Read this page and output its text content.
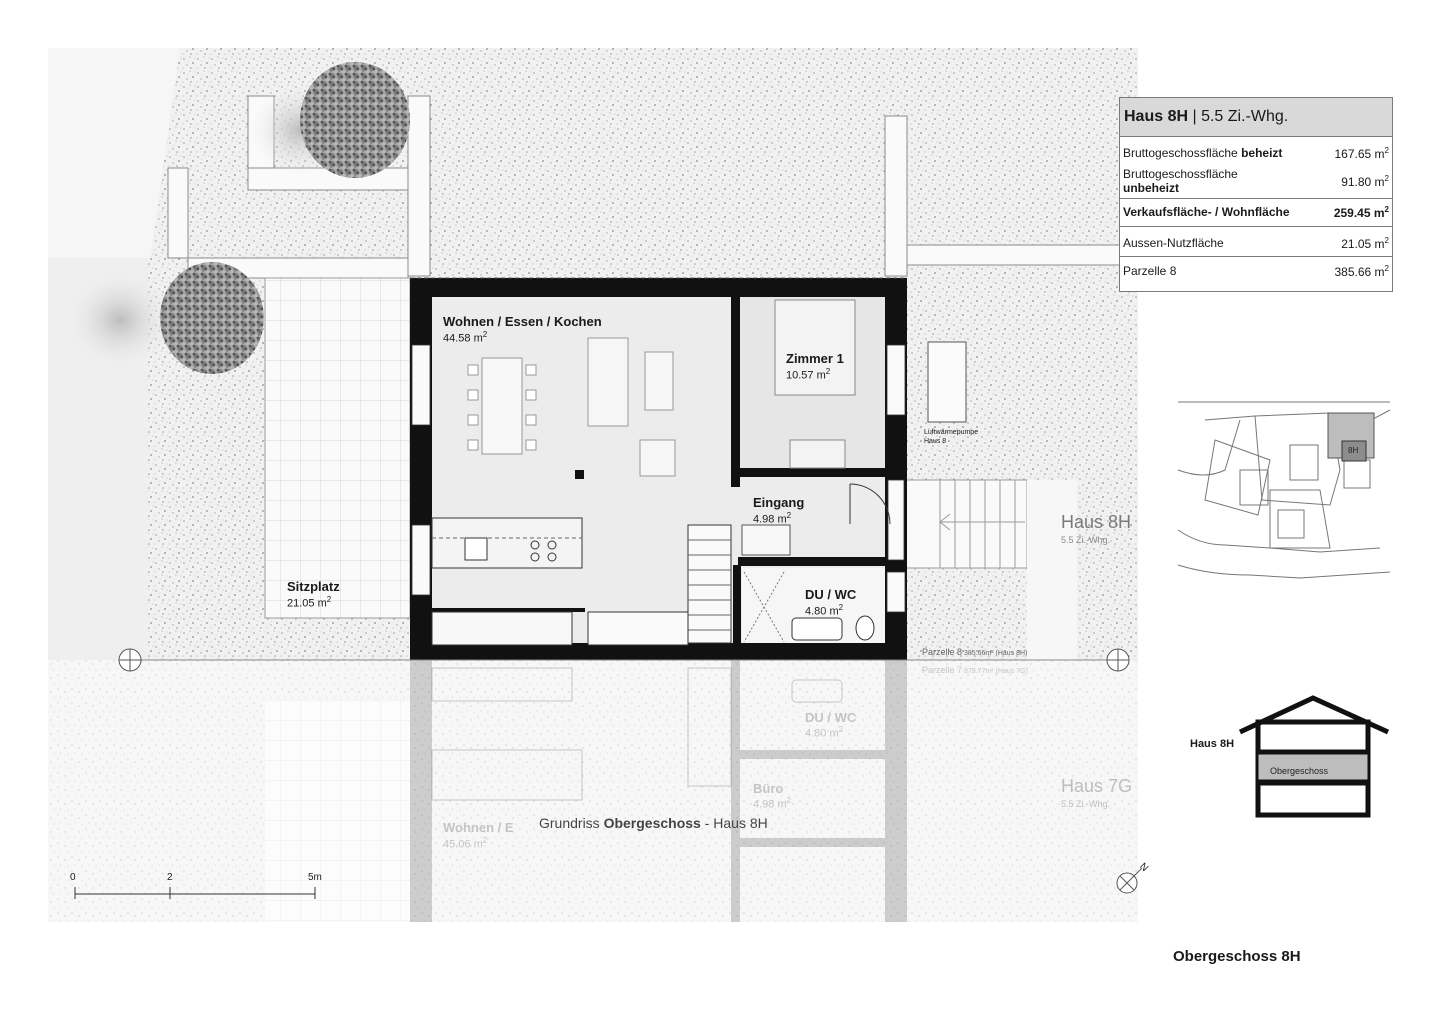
Haus 8H | 5.5 Zi.-Whg.
Bruttogeschossfläche beheizt	167.65 $m^2$
Bruttogeschossfläche
unbeheizt	91.80 $m^2$
Verkaufsfläche- / Wohnfläche	259.45 $m^2$
Aussen-Nutzfläche	21.05 $m^2$
Parzelle 8	385.66 $m^2$
Wohnen / Essen / Kochen
44.58 $m^2$
Zimmer 1
10.57 $m^2$
Eingang
4.98 $m^2$
DU / WC
4.80 $m^2$
Sitzplatz
21.05 $m^2$
Luftwärmepumpe
Haus 8
Haus 8H
5.5 Zi.-Whg.
Parzelle 8 385.66m² (Haus 8H)
Parzelle 7 378.77m² (Haus 7G)
DU / WC
4.80 $m^2$
Büro
4.98 $m^2$
Wohnen / E
45.06 $m^2$
Haus 7G
5.5 Zi.-Whg.
Grundriss Obergeschoss - Haus 8H
0	2	5m
N
8H
Haus 8H
Obergeschoss
Obergeschoss 8H
